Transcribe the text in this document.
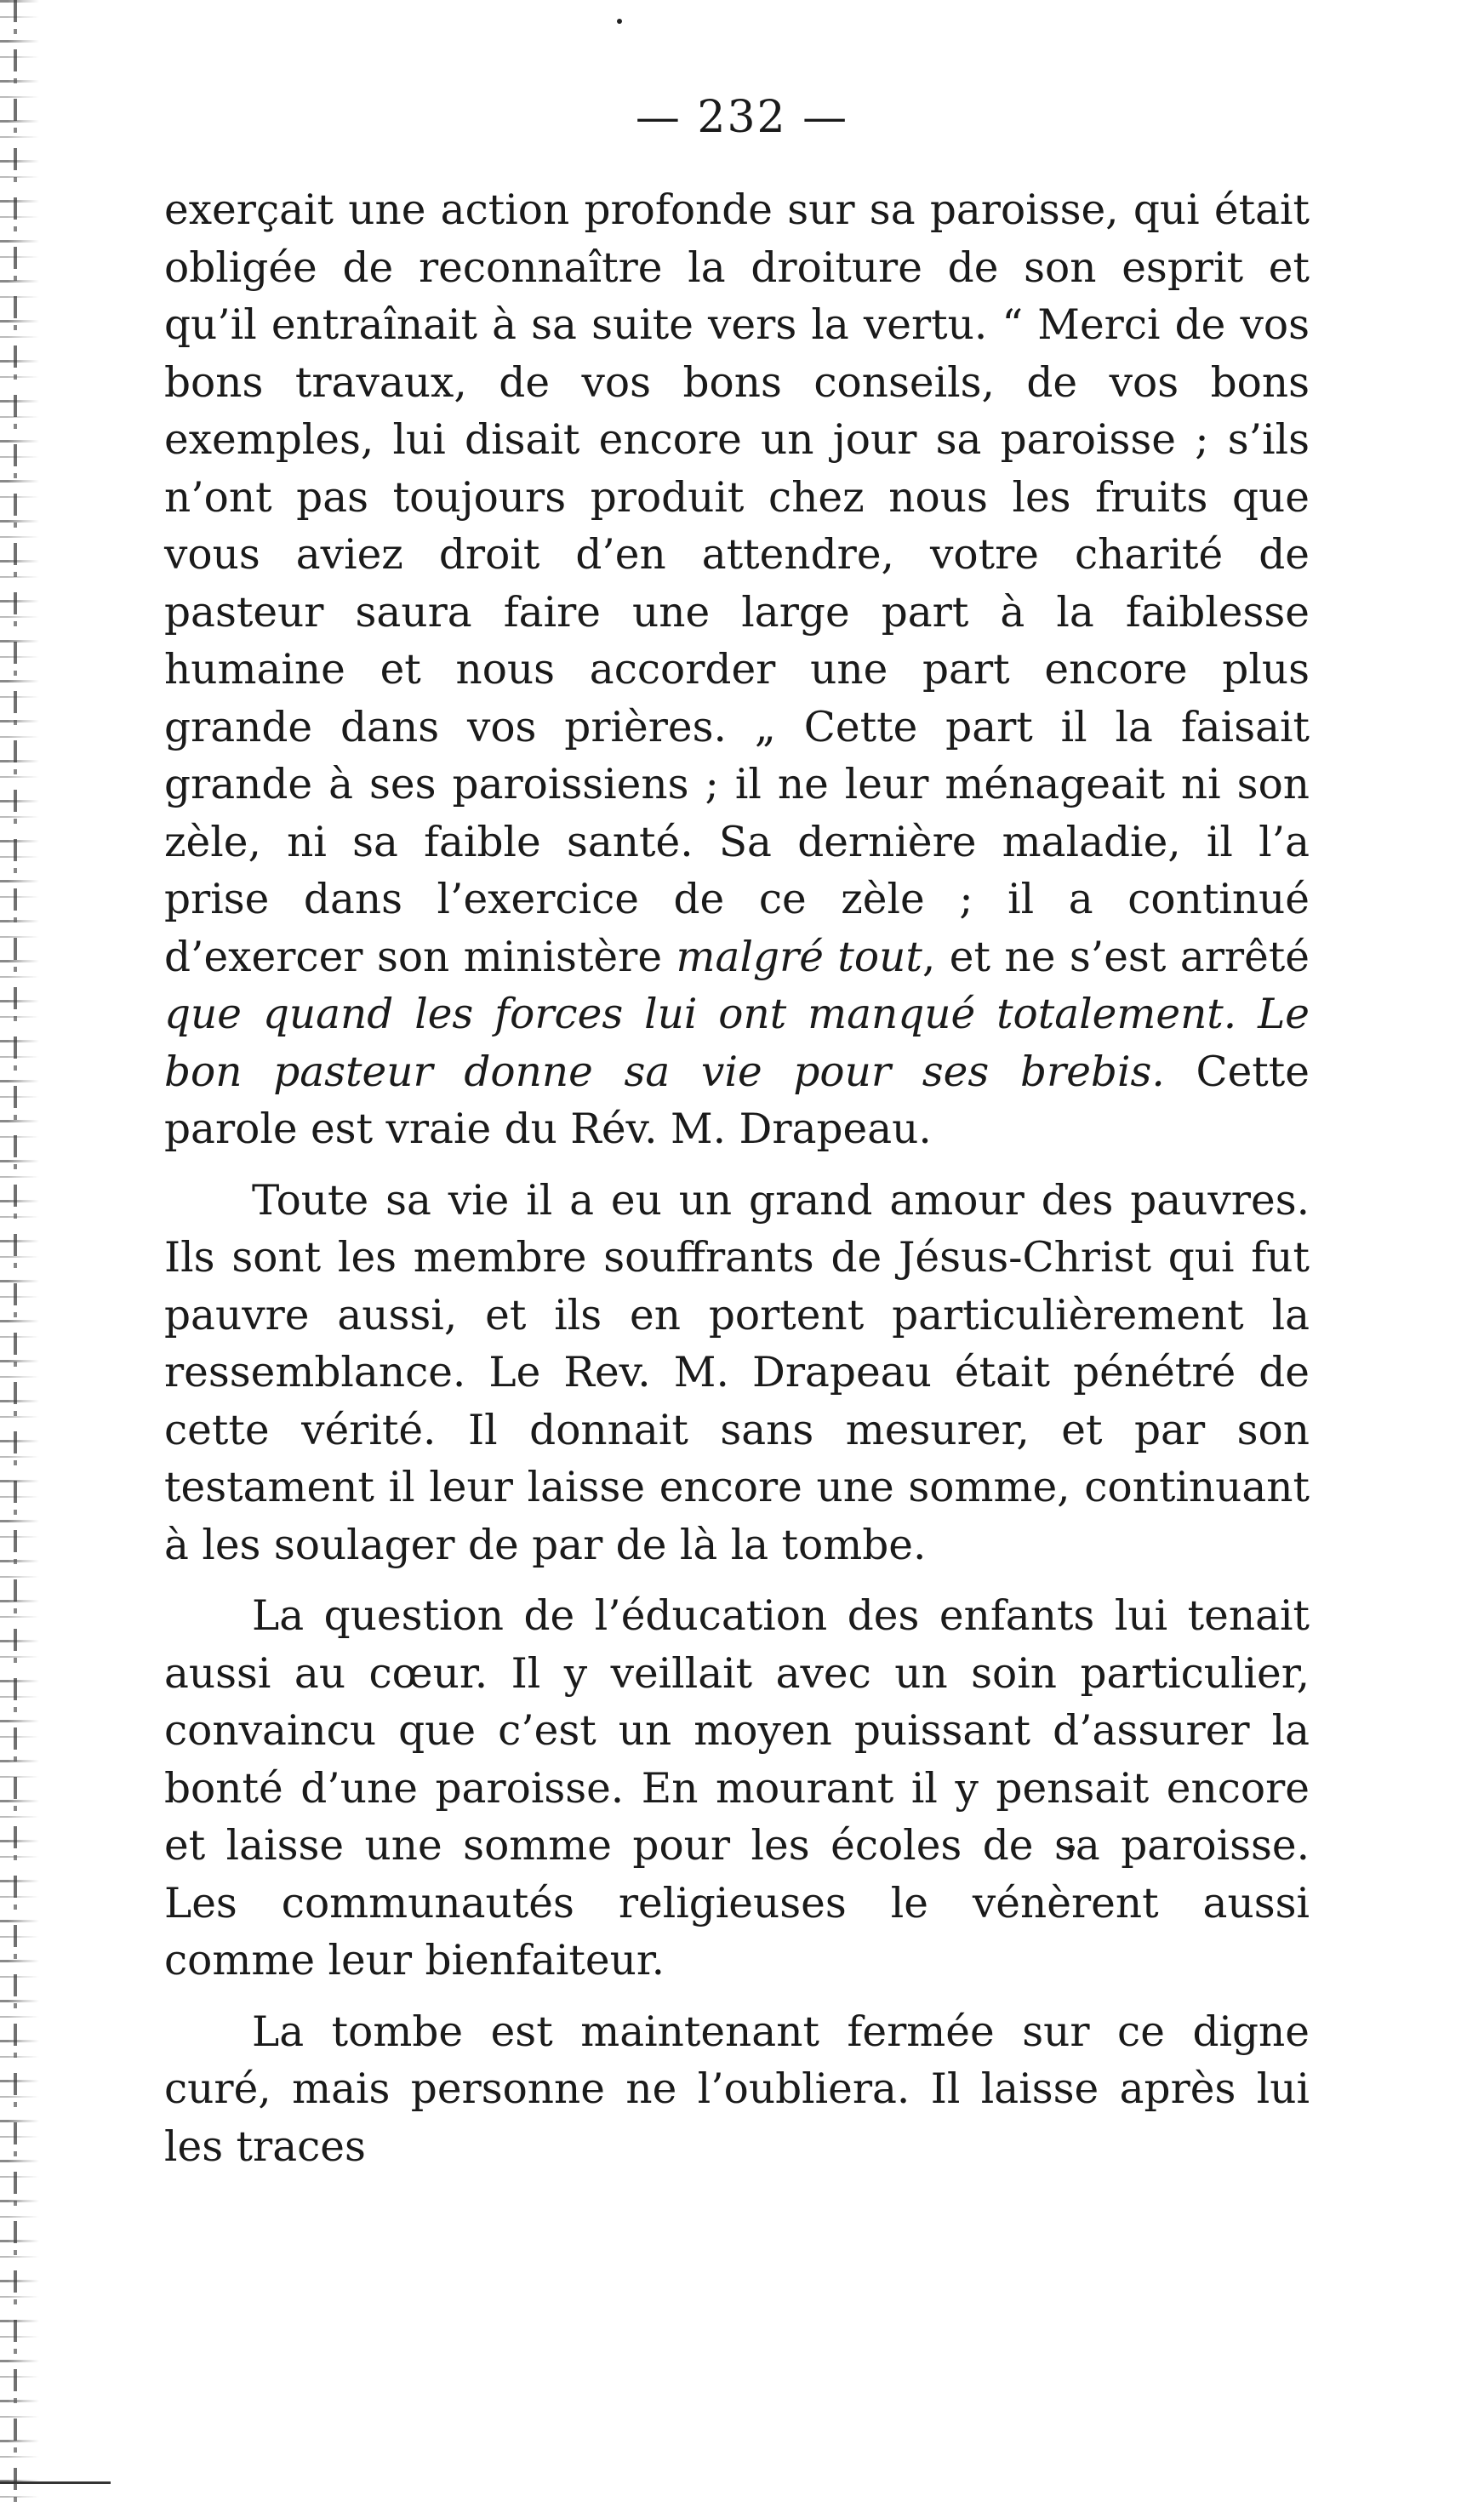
— 232 —

exerçait une action profonde sur sa paroisse, qui était obligée de reconnaître la droiture de son esprit et qu’il entraînait à sa suite vers la vertu. “ Merci de vos bons travaux, de vos bons conseils, de vos bons exemples, lui disait encore un jour sa paroisse ; s’ils n’ont pas toujours produit chez nous les fruits que vous aviez droit d’en attendre, votre charité de pasteur saura faire une large part à la faiblesse humaine et nous accorder une part encore plus grande dans vos prières. „ Cette part il la faisait grande à ses paroissiens ; il ne leur ménageait ni son zèle, ni sa faible santé. Sa dernière maladie, il l’a prise dans l’exercice de ce zèle ; il a continué d’exercer son ministère malgré tout, et ne s’est arrêté que quand les forces lui ont manqué totalement. Le bon pasteur donne sa vie pour ses brebis. Cette parole est vraie du Rév. M. Drapeau.

Toute sa vie il a eu un grand amour des pauvres. Ils sont les membre souffrants de Jésus-Christ qui fut pauvre aussi, et ils en portent particulièrement la ressemblance. Le Rev. M. Drapeau était pénétré de cette vérité. Il donnait sans mesurer, et par son testament il leur laisse encore une somme, continuant à les soulager de par de là la tombe.

La question de l’éducation des enfants lui tenait aussi au cœur. Il y veillait avec un soin particulier, convaincu que c’est un moyen puissant d’assurer la bonté d’une paroisse. En mourant il y pensait encore et laisse une somme pour les écoles de sa paroisse. Les communautés religieuses le vénèrent aussi comme leur bienfaiteur.

La tombe est maintenant fermée sur ce digne curé, mais personne ne l’oubliera. Il laisse après lui les traces
